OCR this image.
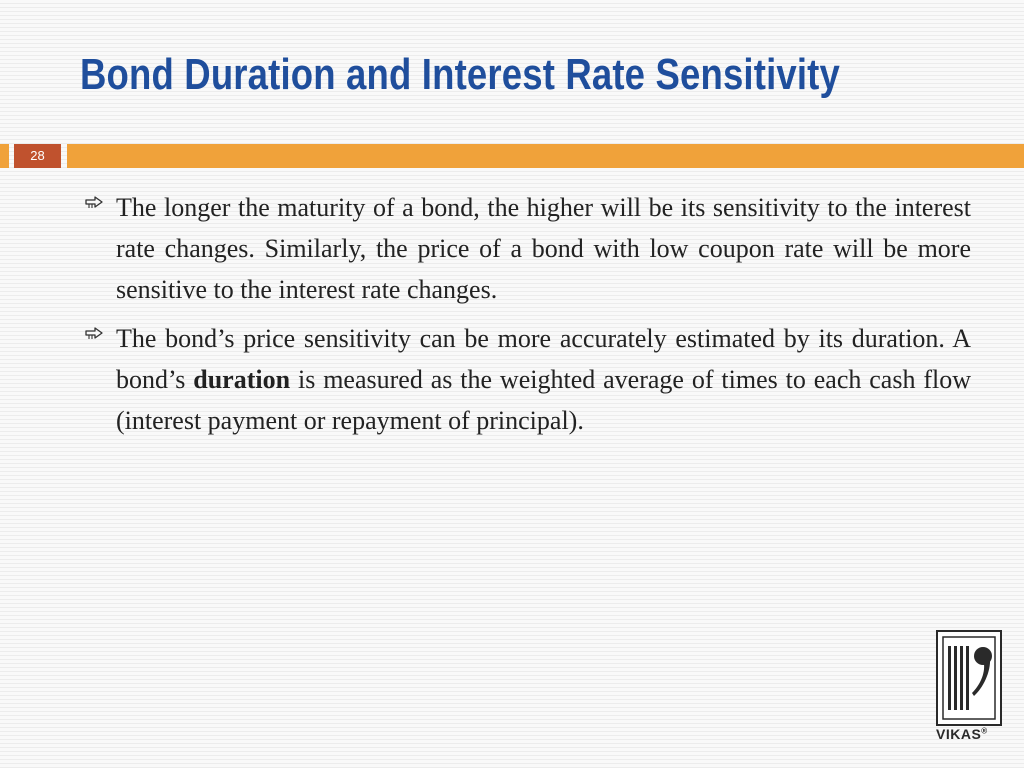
Bond Duration and Interest Rate Sensitivity
28
The longer the maturity of a bond, the higher will be its sensitivity to the interest rate changes. Similarly, the price of a bond with low coupon rate will be more sensitive to the interest rate changes.
The bond’s price sensitivity can be more accurately estimated by its duration. A bond’s duration is measured as the weighted average of times to each cash flow (interest payment or repayment of principal).
VIKAS®
